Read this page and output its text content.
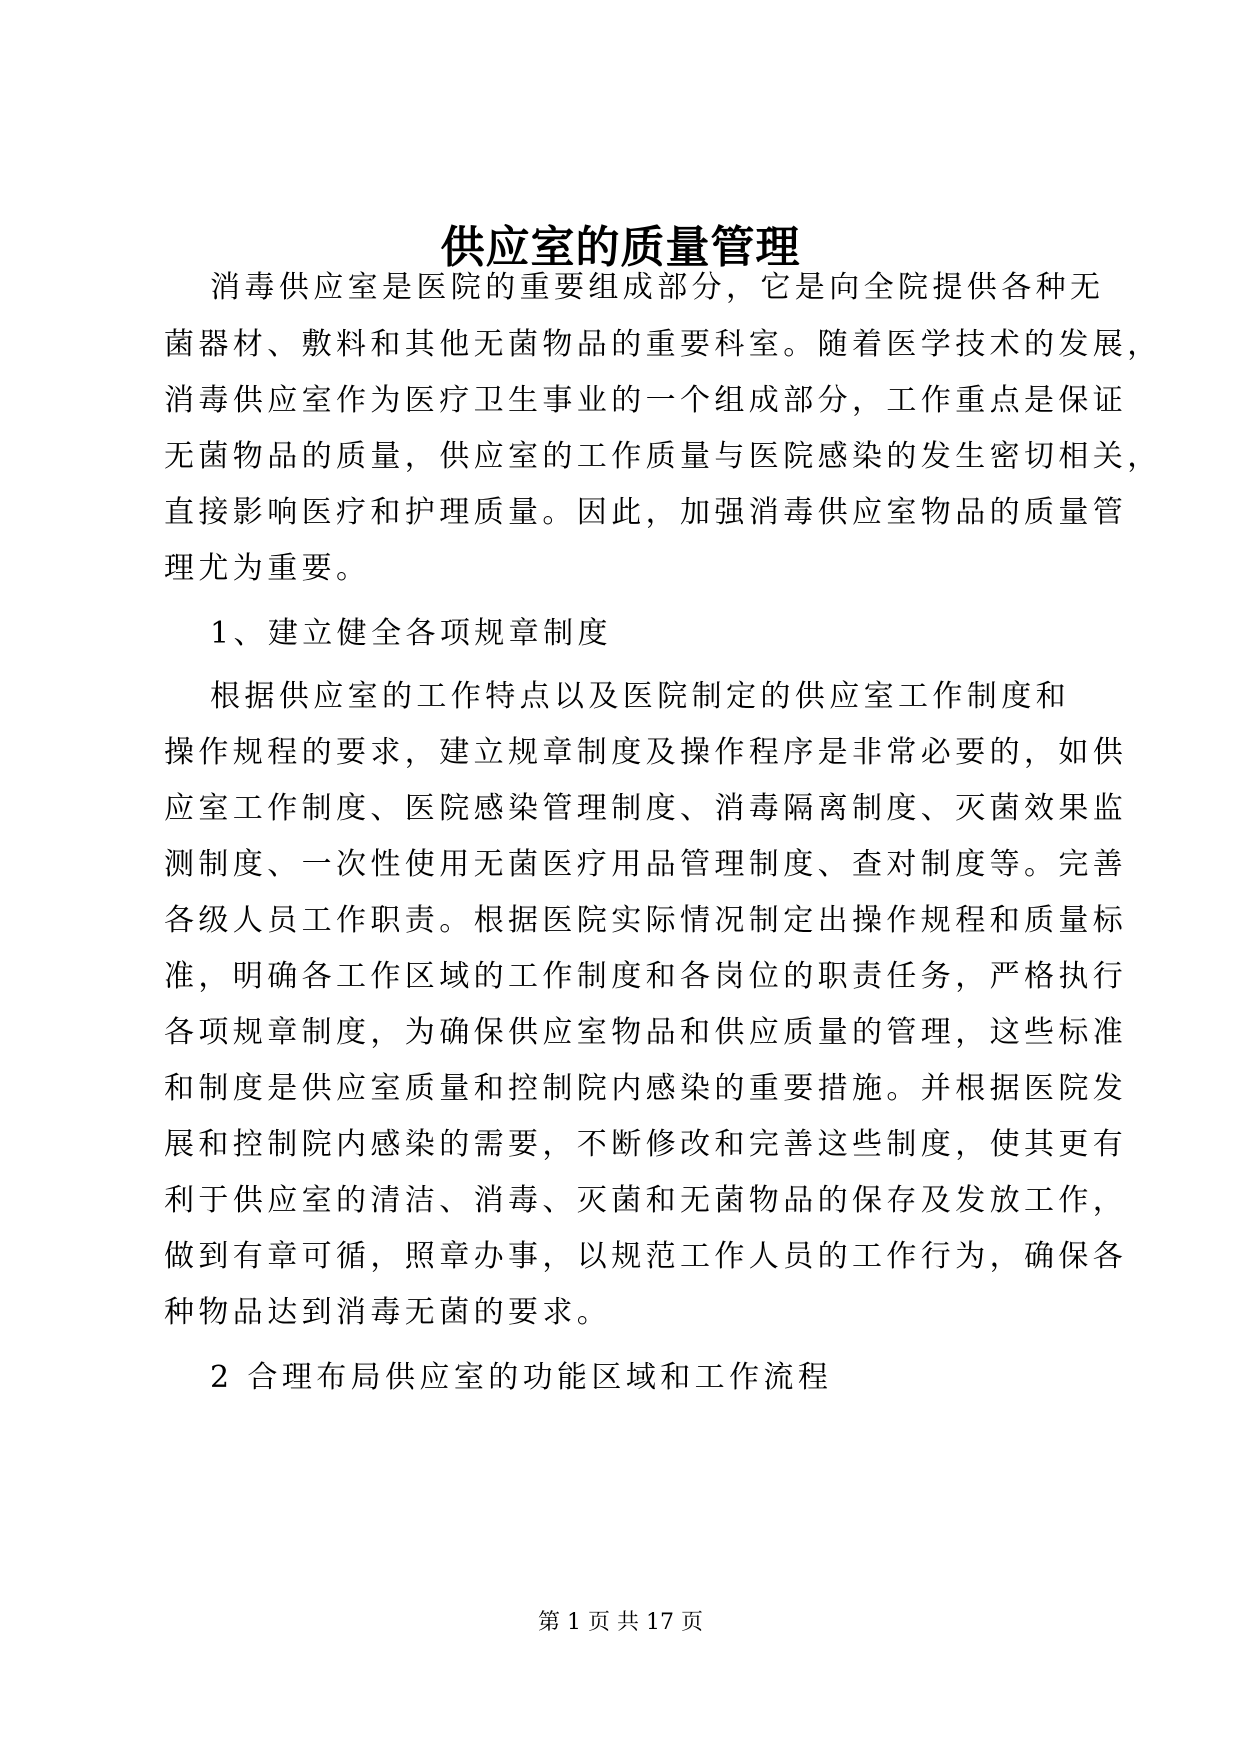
供应室的质量管理

消毒供应室是医院的重要组成部分，它是向全院提供各种无

菌器材、敷料和其他无菌物品的重要科室。随着医学技术的发展，

消毒供应室作为医疗卫生事业的一个组成部分，工作重点是保证

无菌物品的质量，供应室的工作质量与医院感染的发生密切相关，

直接影响医疗和护理质量。因此，加强消毒供应室物品的质量管

理尤为重要。

1、建立健全各项规章制度

根据供应室的工作特点以及医院制定的供应室工作制度和

操作规程的要求，建立规章制度及操作程序是非常必要的，如供

应室工作制度、医院感染管理制度、消毒隔离制度、灭菌效果监

测制度、一次性使用无菌医疗用品管理制度、查对制度等。完善

各级人员工作职责。根据医院实际情况制定出操作规程和质量标

准，明确各工作区域的工作制度和各岗位的职责任务，严格执行

各项规章制度，为确保供应室物品和供应质量的管理，这些标准

和制度是供应室质量和控制院内感染的重要措施。并根据医院发

展和控制院内感染的需要，不断修改和完善这些制度，使其更有

利于供应室的清洁、消毒、灭菌和无菌物品的保存及发放工作，

做到有章可循，照章办事，以规范工作人员的工作行为，确保各

种物品达到消毒无菌的要求。

2 合理布局供应室的功能区域和工作流程

第 1 页 共 17 页
